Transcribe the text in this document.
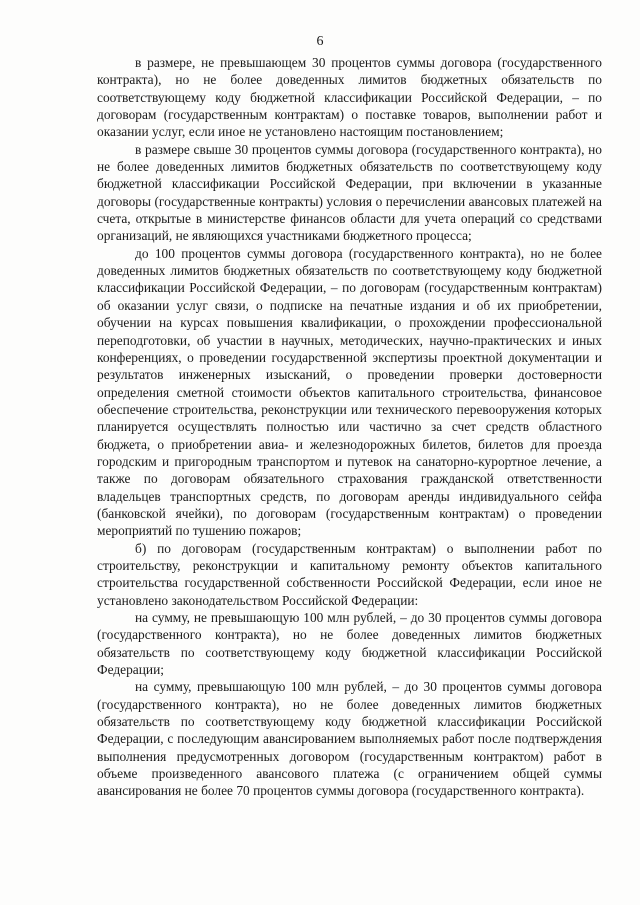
6

в размере, не превышающем 30 процентов суммы договора (государственного контракта), но не более доведенных лимитов бюджетных обязательств по соответствующему коду бюджетной классификации Российской Федерации, – по договорам (государственным контрактам) о поставке товаров, выполнении работ и оказании услуг, если иное не установлено настоящим постановлением;

в размере свыше 30 процентов суммы договора (государственного контракта), но не более доведенных лимитов бюджетных обязательств по соответствующему коду бюджетной классификации Российской Федерации, при включении в указанные договоры (государственные контракты) условия о перечислении авансовых платежей на счета, открытые в министерстве финансов области для учета операций со средствами организаций, не являющихся участниками бюджетного процесса;

до 100 процентов суммы договора (государственного контракта), но не более доведенных лимитов бюджетных обязательств по соответствующему коду бюджетной классификации Российской Федерации, – по договорам (государственным контрактам) об оказании услуг связи, о подписке на печатные издания и об их приобретении, обучении на курсах повышения квалификации, о прохождении профессиональной переподготовки, об участии в научных, методических, научно-практических и иных конференциях, о проведении государственной экспертизы проектной документации и результатов инженерных изысканий, о проведении проверки достоверности определения сметной стоимости объектов капитального строительства, финансовое обеспечение строительства, реконструкции или технического перевооружения которых планируется осуществлять полностью или частично за счет средств областного бюджета, о приобретении авиа- и железнодорожных билетов, билетов для проезда городским и пригородным транспортом и путевок на санаторно-курортное лечение, а также по договорам обязательного страхования гражданской ответственности владельцев транспортных средств, по договорам аренды индивидуального сейфа (банковской ячейки), по договорам (государственным контрактам) о проведении мероприятий по тушению пожаров;

б) по договорам (государственным контрактам) о выполнении работ по строительству, реконструкции и капитальному ремонту объектов капитального строительства государственной собственности Российской Федерации, если иное не установлено законодательством Российской Федерации:

на сумму, не превышающую 100 млн рублей, – до 30 процентов суммы договора (государственного контракта), но не более доведенных лимитов бюджетных обязательств по соответствующему коду бюджетной классификации Российской Федерации;

на сумму, превышающую 100 млн рублей, – до 30 процентов суммы договора (государственного контракта), но не более доведенных лимитов бюджетных обязательств по соответствующему коду бюджетной классификации Российской Федерации, с последующим авансированием выполняемых работ после подтверждения выполнения предусмотренных договором (государственным контрактом) работ в объеме произведенного авансового платежа (с ограничением общей суммы авансирования не более 70 процентов суммы договора (государственного контракта).
